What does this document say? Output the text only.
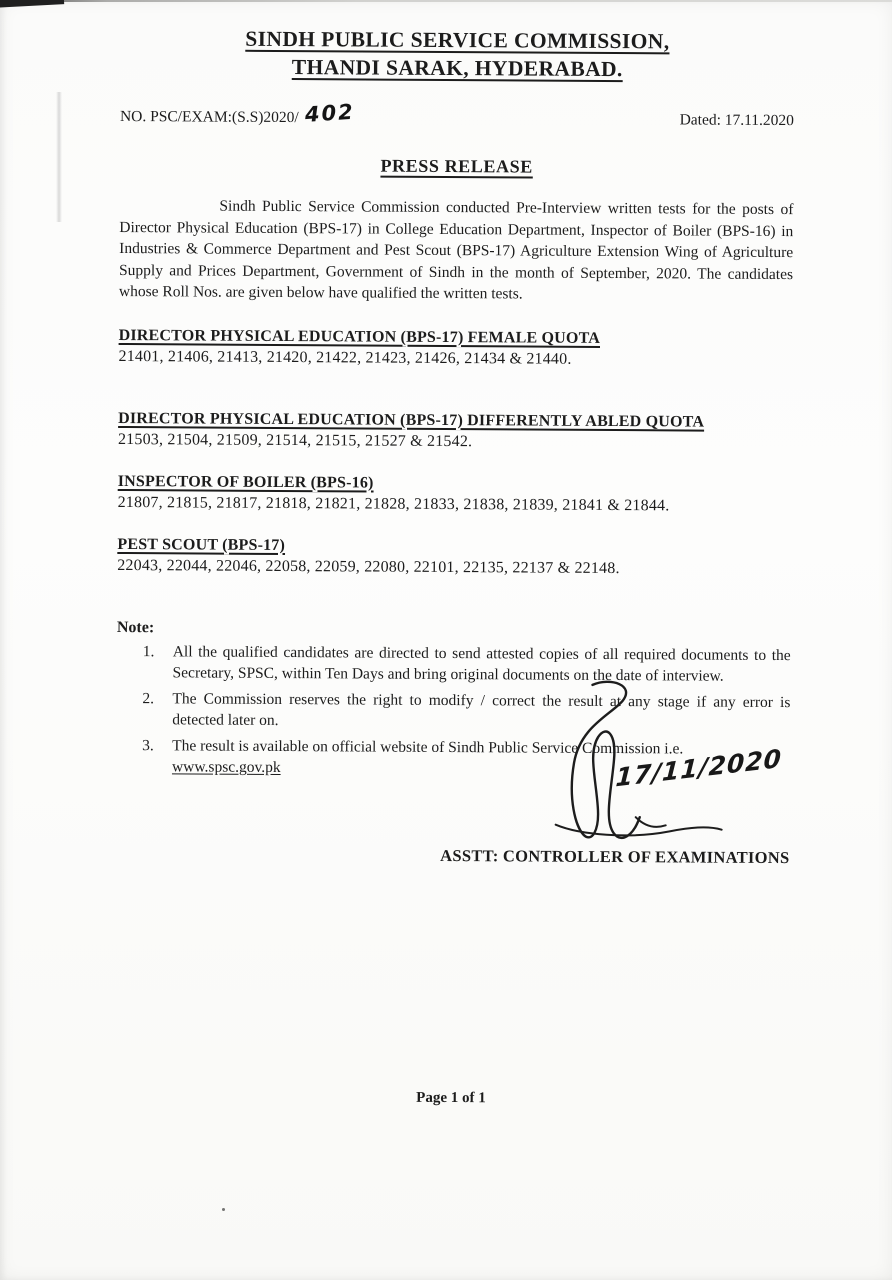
SINDH PUBLIC SERVICE COMMISSION,
THANDI SARAK, HYDERABAD.
NO. PSC/EXAM:(S.S)2020/ 402	Dated: 17.11.2020
PRESS RELEASE

Sindh Public Service Commission conducted Pre-Interview written tests for the posts of Director Physical Education (BPS-17) in College Education Department, Inspector of Boiler (BPS-16) in Industries & Commerce Department and Pest Scout (BPS-17) Agriculture Extension Wing of Agriculture Supply and Prices Department, Government of Sindh in the month of September, 2020. The candidates whose Roll Nos. are given below have qualified the written tests.

DIRECTOR PHYSICAL EDUCATION (BPS-17) FEMALE QUOTA
21401, 21406, 21413, 21420, 21422, 21423, 21426, 21434 & 21440.
DIRECTOR PHYSICAL EDUCATION (BPS-17) DIFFERENTLY ABLED QUOTA
21503, 21504, 21509, 21514, 21515, 21527 & 21542.
INSPECTOR OF BOILER (BPS-16)
21807, 21815, 21817, 21818, 21821, 21828, 21833, 21838, 21839, 21841 & 21844.
PEST SCOUT (BPS-17)
22043, 22044, 22046, 22058, 22059, 22080, 22101, 22135, 22137 & 22148.
Note:
1.	All the qualified candidates are directed to send attested copies of all required documents to the Secretary, SPSC, within Ten Days and bring original documents on the date of interview.
2.	The Commission reserves the right to modify / correct the result at any stage if any error is detected later on.
3.	The result is available on official website of Sindh Public Service Commission i.e.
www.spsc.gov.pk	17/11/2020
ASSTT: CONTROLLER OF EXAMINATIONS
Page 1 of 1
